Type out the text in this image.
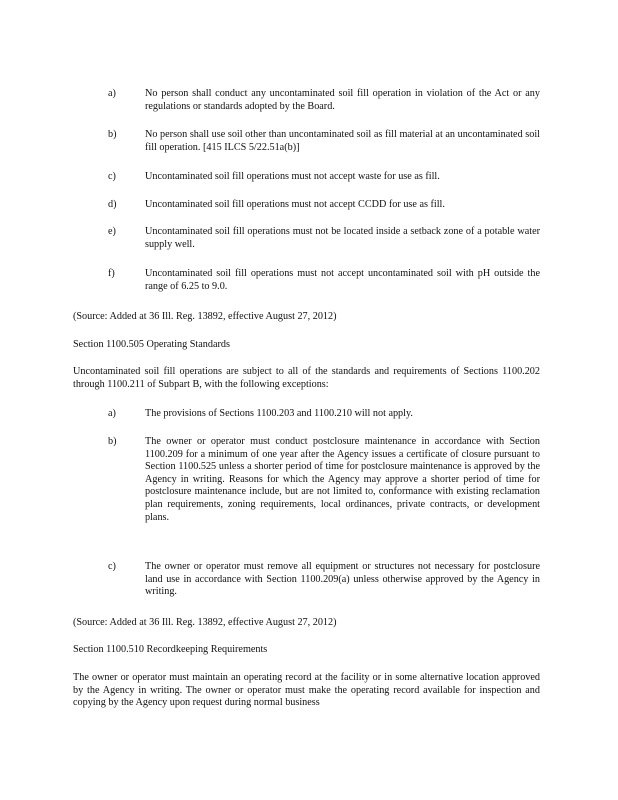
a)	No person shall conduct any uncontaminated soil fill operation in violation of the Act or any regulations or standards adopted by the Board.
b)	No person shall use soil other than uncontaminated soil as fill material at an uncontaminated soil fill operation. [415 ILCS 5/22.51a(b)]
c)	Uncontaminated soil fill operations must not accept waste for use as fill.
d)	Uncontaminated soil fill operations must not accept CCDD for use as fill.
e)	Uncontaminated soil fill operations must not be located inside a setback zone of a potable water supply well.
f)	Uncontaminated soil fill operations must not accept uncontaminated soil with pH outside the range of 6.25 to 9.0.
(Source: Added at 36 Ill. Reg. 13892, effective August 27, 2012)
Section 1100.505 Operating Standards
Uncontaminated soil fill operations are subject to all of the standards and requirements of Sections 1100.202 through 1100.211 of Subpart B, with the following exceptions:
a)	The provisions of Sections 1100.203 and 1100.210 will not apply.
b)	The owner or operator must conduct postclosure maintenance in accordance with Section 1100.209 for a minimum of one year after the Agency issues a certificate of closure pursuant to Section 1100.525 unless a shorter period of time for postclosure maintenance is approved by the Agency in writing. Reasons for which the Agency may approve a shorter period of time for postclosure maintenance include, but are not limited to, conformance with existing reclamation plan requirements, zoning requirements, local ordinances, private contracts, or development plans.
c)	The owner or operator must remove all equipment or structures not necessary for postclosure land use in accordance with Section 1100.209(a) unless otherwise approved by the Agency in writing.
(Source: Added at 36 Ill. Reg. 13892, effective August 27, 2012)
Section 1100.510 Recordkeeping Requirements
The owner or operator must maintain an operating record at the facility or in some alternative location approved by the Agency in writing. The owner or operator must make the operating record available for inspection and copying by the Agency upon request during normal business
